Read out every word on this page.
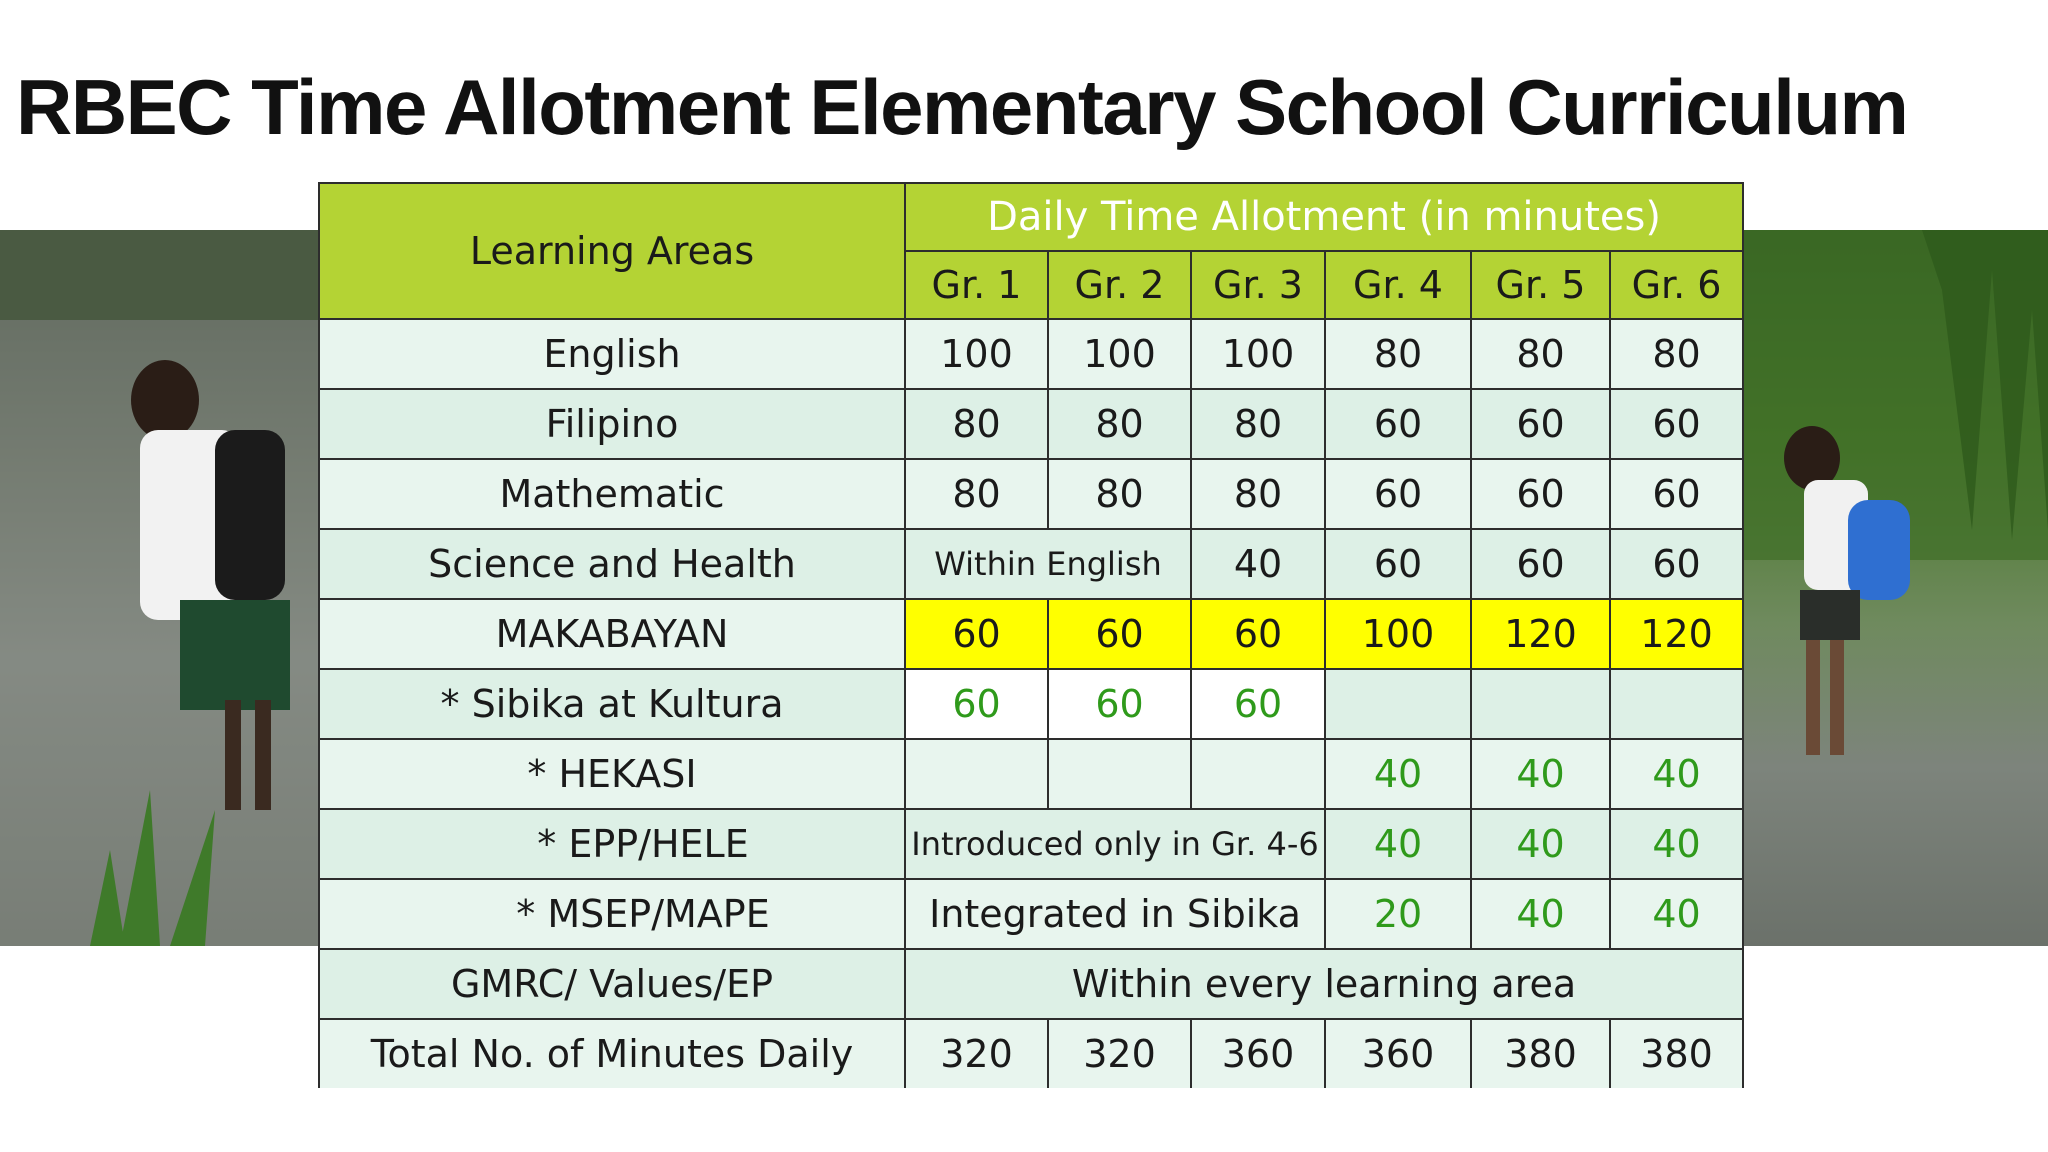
RBEC Time Allotment Elementary School Curriculum
Learning Areas	Daily Time Allotment (in minutes)					
	Gr. 1	Gr. 2	Gr. 3	Gr. 4	Gr. 5	Gr. 6
English	100	100	100	80	80	80
Filipino	80	80	80	60	60	60
Mathematic	80	80	80	60	60	60
Science and Health	Within English		40	60	60	60
MAKABAYAN	60	60	60	100	120	120
* Sibika at Kultura	60	60	60			
* HEKASI				40	40	40
* EPP/HELE	Introduced only in Gr. 4-6			40	40	40
* MSEP/MAPE	Integrated in Sibika			20	40	40
GMRC/ Values/EP	Within every learning area					
Total No. of Minutes Daily	320	320	360	360	380	380
